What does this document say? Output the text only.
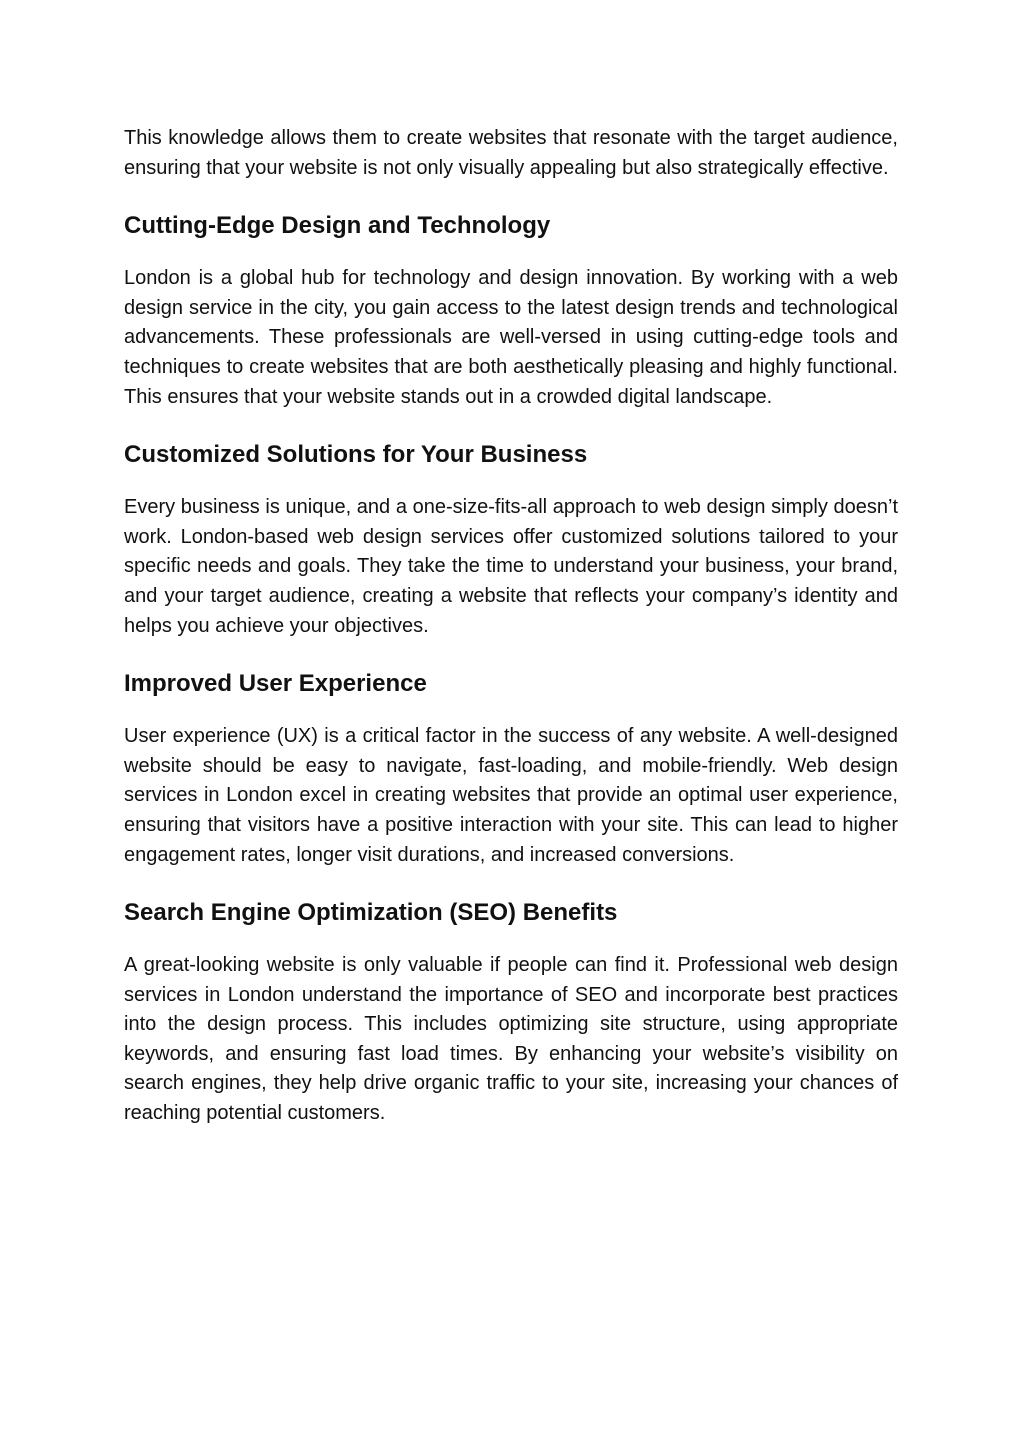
This knowledge allows them to create websites that resonate with the target audience, ensuring that your website is not only visually appealing but also strategically effective.

Cutting-Edge Design and Technology

London is a global hub for technology and design innovation. By working with a web design service in the city, you gain access to the latest design trends and technological advancements. These professionals are well-versed in using cutting-edge tools and techniques to create websites that are both aesthetically pleasing and highly functional. This ensures that your website stands out in a crowded digital landscape.

Customized Solutions for Your Business

Every business is unique, and a one-size-fits-all approach to web design simply doesn’t work. London-based web design services offer customized solutions tailored to your specific needs and goals. They take the time to understand your business, your brand, and your target audience, creating a website that reflects your company’s identity and helps you achieve your objectives.

Improved User Experience

User experience (UX) is a critical factor in the success of any website. A well-designed website should be easy to navigate, fast-loading, and mobile-friendly. Web design services in London excel in creating websites that provide an optimal user experience, ensuring that visitors have a positive interaction with your site. This can lead to higher engagement rates, longer visit durations, and increased conversions.

Search Engine Optimization (SEO) Benefits

A great-looking website is only valuable if people can find it. Professional web design services in London understand the importance of SEO and incorporate best practices into the design process. This includes optimizing site structure, using appropriate keywords, and ensuring fast load times. By enhancing your website’s visibility on search engines, they help drive organic traffic to your site, increasing your chances of reaching potential customers.
